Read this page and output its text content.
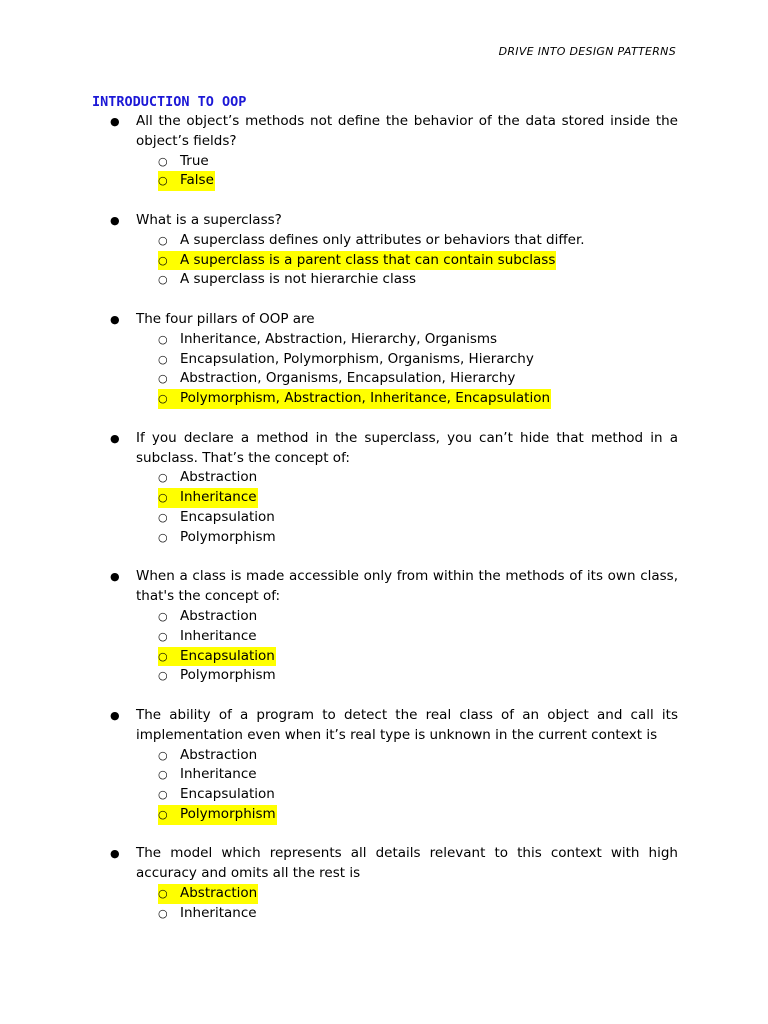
DRIVE INTO DESIGN PATTERNS
INTRODUCTION TO OOP
● All the object’s methods not define the behavior of the data stored inside the object’s fields?
○ True
○ False
● What is a superclass?
○ A superclass defines only attributes or behaviors that differ.
○ A superclass is a parent class that can contain subclass
○ A superclass is not hierarchie class
● The four pillars of OOP are
○ Inheritance, Abstraction, Hierarchy, Organisms
○ Encapsulation, Polymorphism, Organisms, Hierarchy
○ Abstraction, Organisms, Encapsulation, Hierarchy
○ Polymorphism, Abstraction, Inheritance, Encapsulation
● If you declare a method in the superclass, you can’t hide that method in a subclass. That’s the concept of:
○ Abstraction
○ Inheritance
○ Encapsulation
○ Polymorphism
● When a class is made accessible only from within the methods of its own class, that's the concept of:
○ Abstraction
○ Inheritance
○ Encapsulation
○ Polymorphism
● The ability of a program to detect the real class of an object and call its implementation even when it’s real type is unknown in the current context is
○ Abstraction
○ Inheritance
○ Encapsulation
○ Polymorphism
● The model which represents all details relevant to this context with high accuracy and omits all the rest is
○ Abstraction
○ Inheritance
